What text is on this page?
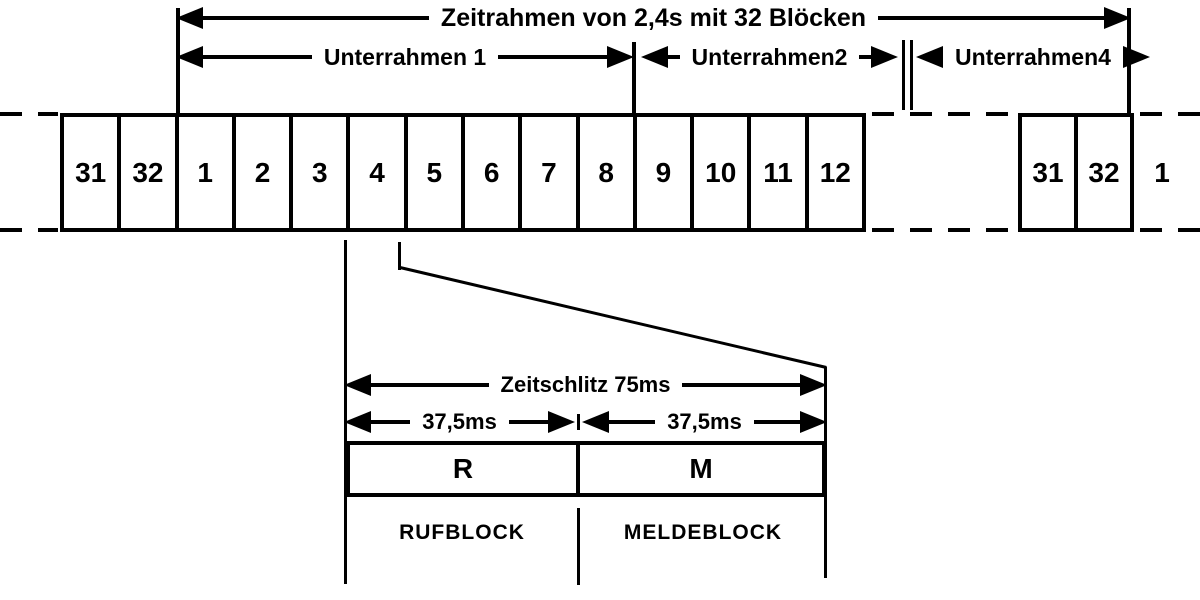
Zeitrahmen von 2,4s mit 32 Blöcken
Unterrahmen 1	Unterrahmen2	Unterrahmen4
31 32	1	2	3	4	5	6	7	8	9	10 11 12	31 32	1
Zeitschlitz 75ms
37,5ms	37,5ms
R	M
RUFBLOCK	MELDEBLOCK
